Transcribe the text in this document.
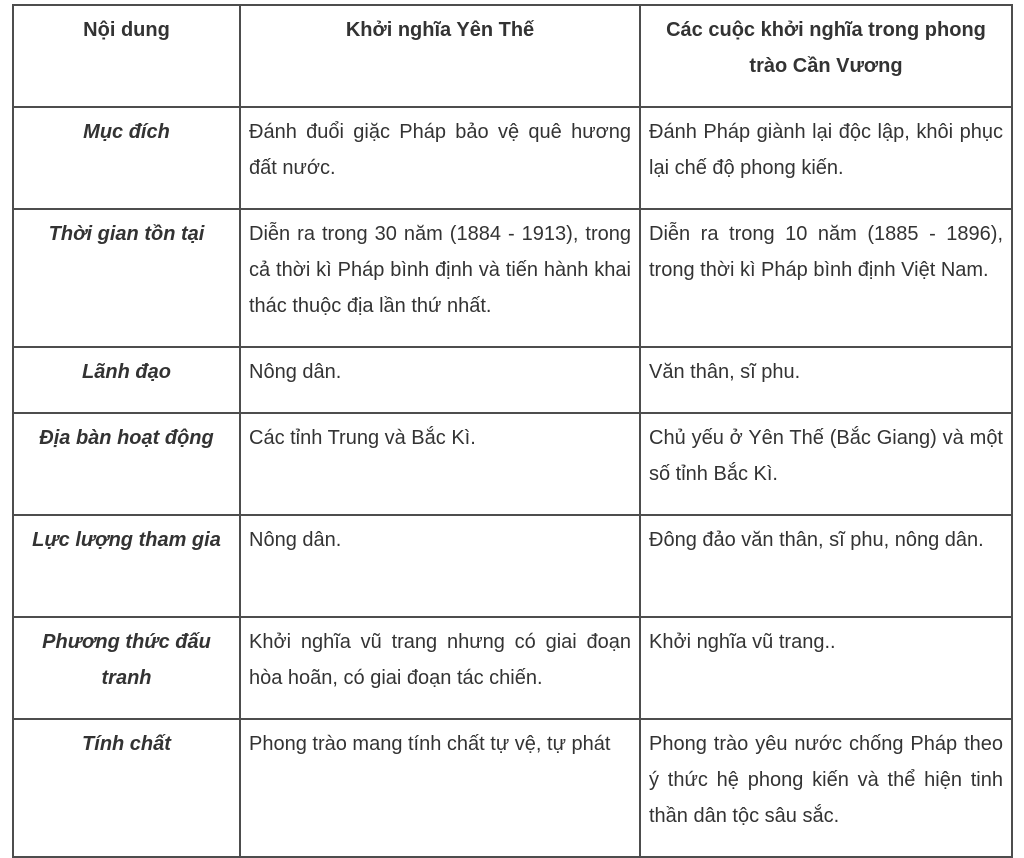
Nội dung	Khởi nghĩa Yên Thế	Các cuộc khởi nghĩa trong phong trào Cần Vương
Mục đích	Đánh đuổi giặc Pháp bảo vệ quê hương đất nước.	Đánh Pháp giành lại độc lập, khôi phục lại chế độ phong kiến.
Thời gian tồn tại	Diễn ra trong 30 năm (1884 - 1913), trong cả thời kì Pháp bình định và tiến hành khai thác thuộc địa lần thứ nhất.	Diễn ra trong 10 năm (1885 - 1896), trong thời kì Pháp bình định Việt Nam.
Lãnh đạo	Nông dân.	Văn thân, sĩ phu.
Địa bàn hoạt động	Các tỉnh Trung và Bắc Kì.	Chủ yếu ở Yên Thế (Bắc Giang) và một số tỉnh Bắc Kì.
Lực lượng tham gia	Nông dân.	Đông đảo văn thân, sĩ phu, nông dân.
Phương thức đấu tranh	Khởi nghĩa vũ trang nhưng có giai đoạn hòa hoãn, có giai đoạn tác chiến.	Khởi nghĩa vũ trang..
Tính chất	Phong trào mang tính chất tự vệ, tự phát	Phong trào yêu nước chống Pháp theo ý thức hệ phong kiến và thể hiện tinh thần dân tộc sâu sắc.
